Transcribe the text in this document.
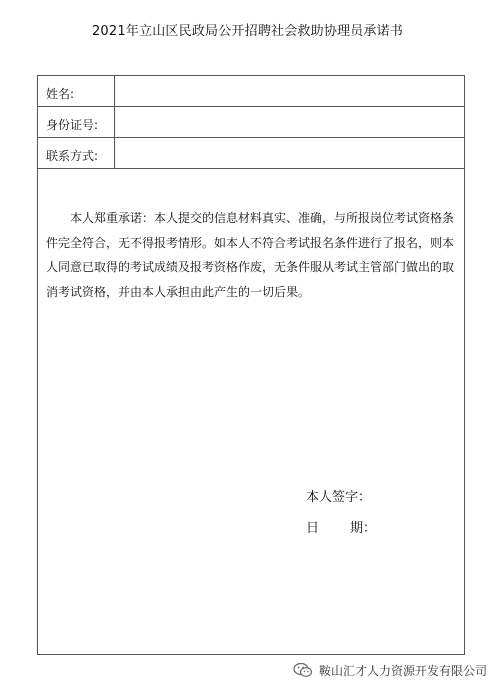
2021年立山区民政局公开招聘社会救助协理员承诺书
姓名:
身份证号:
联系方式:

本人郑重承诺：本人提交的信息材料真实、准确，与所报岗位考试资格条件完全符合，无不得报考情形。如本人不符合考试报名条件进行了报名，则本人同意已取得的考试成绩及报考资格作废，无条件服从考试主管部门做出的取消考试资格，并由本人承担由此产生的一切后果。

本人签字：
日 期：
鞍山汇才人力资源开发有限公司
